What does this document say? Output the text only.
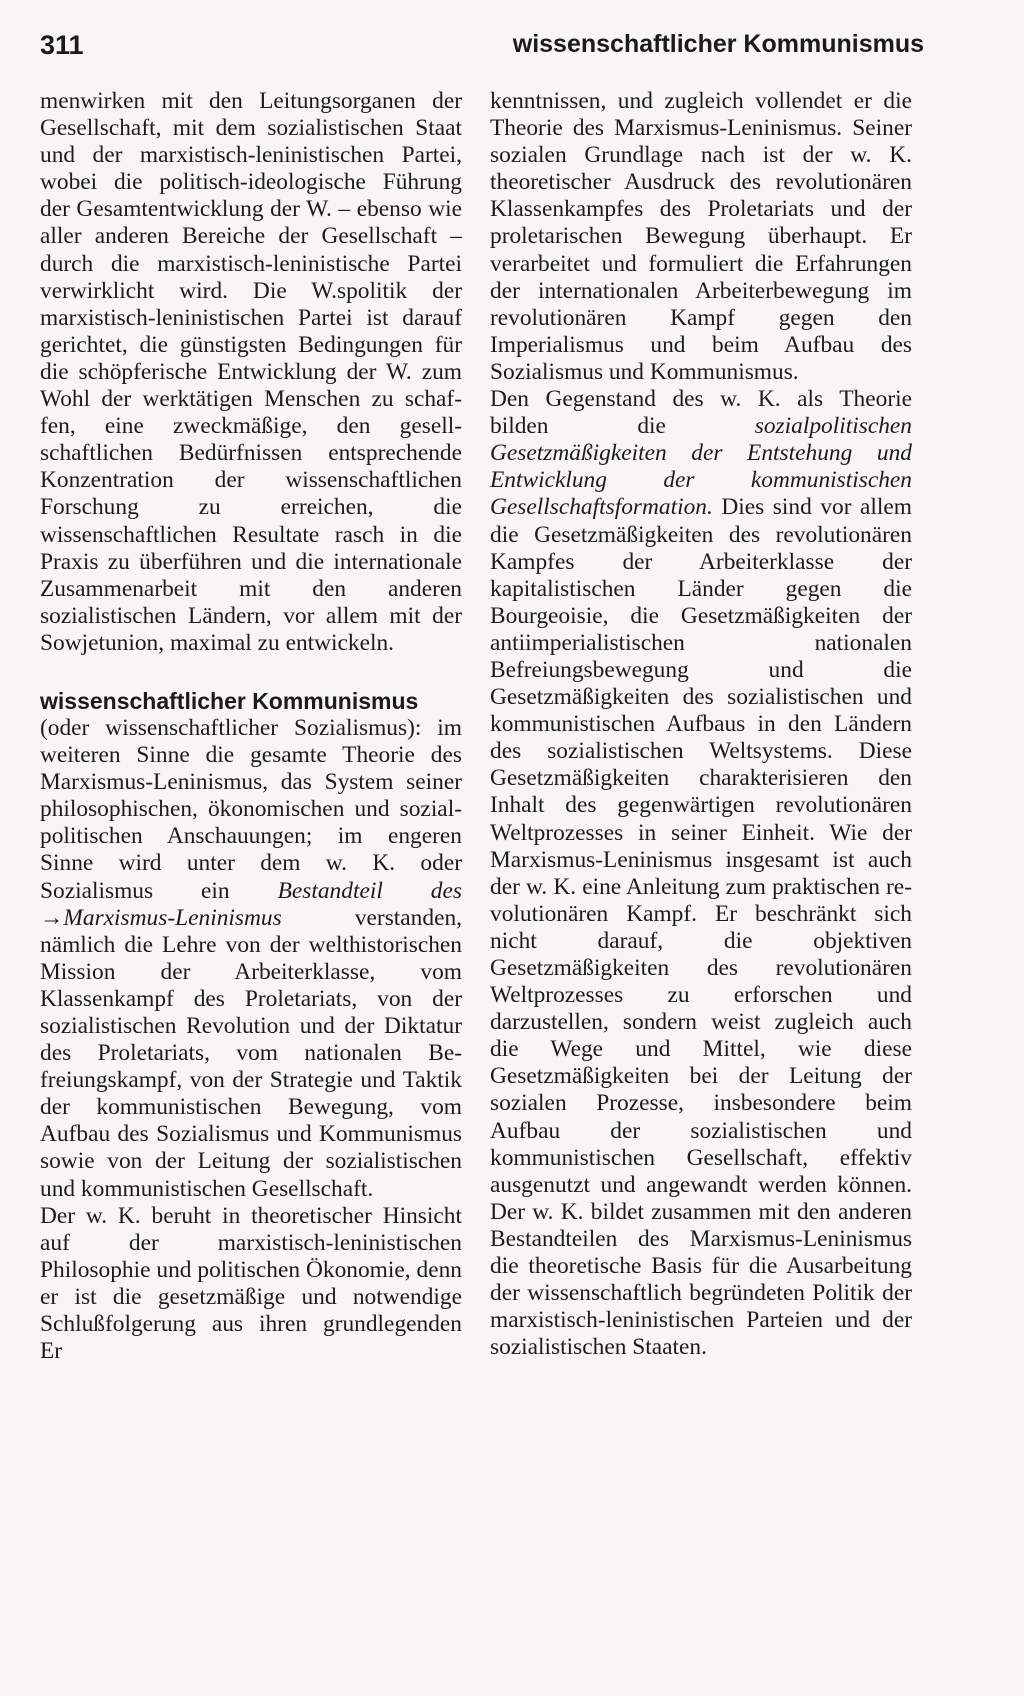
311	wissenschaftlicher Kommunismus

menwirken mit den Leitungsorganen der Gesellschaft, mit dem sozialistischen Staat und der marxistisch-leninistischen Partei, wobei die politisch-ideologische Führung der Gesamtentwicklung der W. – ebenso wie aller anderen Bereiche der Gesellschaft – durch die marxistisch-leninistische Partei verwirklicht wird. Die W.spolitik der marxistisch-leninistischen Partei ist darauf gerichtet, die günstigsten Bedingungen für die schöpferische Entwicklung der W. zum Wohl der werktätigen Menschen zu schaffen, eine zweckmäßige, den gesellschaftlichen Bedürfnissen entsprechende Konzentration der wissenschaftlichen Forschung zu erreichen, die wissenschaftlichen Resultate rasch in die Praxis zu überführen und die internationale Zusammenarbeit mit den anderen sozialistischen Ländern, vor allem mit der Sowjetunion, maximal zu entwickeln.

wissenschaftlicher Kommunismus

(oder wissenschaftlicher Sozialismus): im weiteren Sinne die gesamte Theorie des Marxismus-Leninismus, das System seiner philosophischen, ökonomischen und sozialpolitischen Anschauungen; im engeren Sinne wird unter dem w. K. oder Sozialismus ein Bestandteil des →Marxismus-Leninismus verstanden, nämlich die Lehre von der welthistorischen Mission der Arbeiterklasse, vom Klassenkampf des Proletariats, von der sozialistischen Revolution und der Diktatur des Proletariats, vom nationalen Befreiungskampf, von der Strategie und Taktik der kommunistischen Bewegung, vom Aufbau des Sozialismus und Kommunismus sowie von der Leitung der sozialistischen und kommunistischen Gesellschaft.

Der w. K. beruht in theoretischer Hinsicht auf der marxistisch-leninistischen Philosophie und politischen Ökonomie, denn er ist die gesetzmäßige und notwendige Schlußfolgerung aus ihren grundlegenden Er

kenntnissen, und zugleich vollendet er die Theorie des Marxismus-Leninismus. Seiner sozialen Grundlage nach ist der w. K. theoretischer Ausdruck des revolutionären Klassenkampfes des Proletariats und der proletarischen Bewegung überhaupt. Er verarbeitet und formuliert die Erfahrungen der internationalen Arbeiterbewegung im revolutionären Kampf gegen den Imperialismus und beim Aufbau des Sozialismus und Kommunismus.

Den Gegenstand des w. K. als Theorie bilden die sozialpolitischen Gesetzmäßigkeiten der Entstehung und Entwicklung der kommunistischen Gesellschaftsformation. Dies sind vor allem die Gesetzmäßigkeiten des revolutionären Kampfes der Arbeiterklasse der kapitalistischen Länder gegen die Bourgeoisie, die Gesetzmäßigkeiten der antiimperialistischen nationalen Befreiungsbewegung und die Gesetzmäßigkeiten des sozialistischen und kommunistischen Aufbaus in den Ländern des sozialistischen Weltsystems. Diese Gesetzmäßigkeiten charakterisieren den Inhalt des gegenwärtigen revolutionären Weltprozesses in seiner Einheit. Wie der Marxismus-Leninismus insgesamt ist auch der w. K. eine Anleitung zum praktischen revolutionären Kampf. Er beschränkt sich nicht darauf, die objektiven Gesetzmäßigkeiten des revolutionären Weltprozesses zu erforschen und darzustellen, sondern weist zugleich auch die Wege und Mittel, wie diese Gesetzmäßigkeiten bei der Leitung der sozialen Prozesse, insbesondere beim Aufbau der sozialistischen und kommunistischen Gesellschaft, effektiv ausgenutzt und angewandt werden können. Der w. K. bildet zusammen mit den anderen Bestandteilen des Marxismus-Leninismus die theoretische Basis für die Ausarbeitung der wissenschaftlich begründeten Politik der marxistisch-leninistischen Parteien und der sozialistischen Staaten.
